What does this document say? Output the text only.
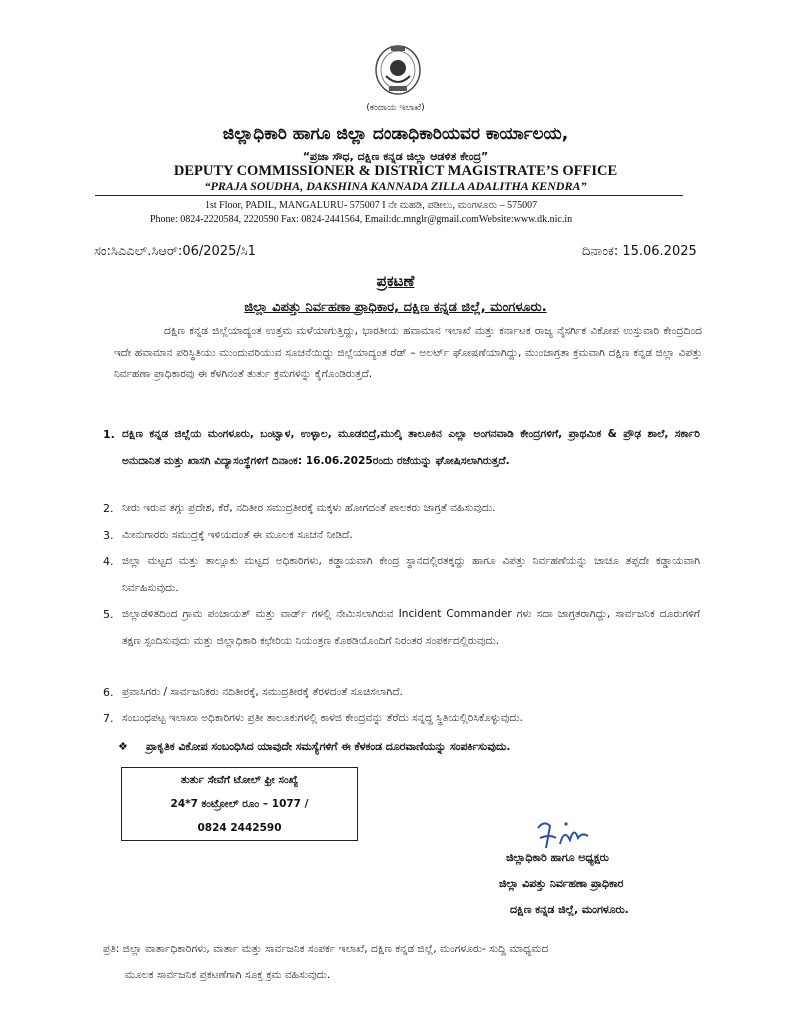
(ಕಂದಾಯ ಇಲಾಖೆ)
ಜಿಲ್ಲಾಧಿಕಾರಿ ಹಾಗೂ ಜಿಲ್ಲಾ ದಂಡಾಧಿಕಾರಿಯವರ ಕಾರ್ಯಾಲಯ,
“ಪ್ರಜಾ ಸೌಧ, ದಕ್ಷಿಣ ಕನ್ನಡ ಜಿಲ್ಲಾ ಆಡಳಿತ ಕೇಂದ್ರ”
DEPUTY COMMISSIONER & DISTRICT MAGISTRATE’S OFFICE
“PRAJA SOUDHA, DAKSHINA KANNADA ZILLA ADALITHA KENDRA”
1st Floor, PADIL, MANGALURU- 575007 I ನೇ ಮಹಡಿ, ಪಡೀಲು, ಮಂಗಳೂರು – 575007
Phone: 0824-2220584, 2220590 Fax: 0824-2441564, Email:dc.mnglr@gmail.comWebsite:www.dk.nic.in
ಸಂ:ಸಿಎಎಲ್.ಸಿಆರ್:06/2025/ಸಿ1	ದಿನಾಂಕ: 15.06.2025
ಪ್ರಕಟಣೆ
ಜಿಲ್ಲಾ ವಿಪತ್ತು ನಿರ್ವಹಣಾ ಪ್ರಾಧಿಕಾರ, ದಕ್ಷಿಣ ಕನ್ನಡ ಜಿಲ್ಲೆ, ಮಂಗಳೂರು.
ದಕ್ಷಿಣ ಕನ್ನಡ ಜಿಲ್ಲೆಯಾದ್ಯಂತ ಉತ್ತಮ ಮಳೆಯಾಗುತ್ತಿದ್ದು, ಭಾರತೀಯ ಹವಾಮಾನ ಇಲಾಖೆ ಮತ್ತು ಕರ್ನಾಟಕ ರಾಜ್ಯ ನೈಸರ್ಗಿಕ ವಿಕೋಪ ಉಸ್ತುವಾರಿ ಕೇಂದ್ರದಿಂದ ಇದೇ ಹವಾಮಾನ ಪರಿಸ್ಥಿತಿಯು ಮುಂದುವರಿಯುವ ಸೂಚನೆಯಿದ್ದು ಜಿಲ್ಲೆಯಾದ್ಯಂತ ರೆಡ್ – ಅಲರ್ಟ್ ಘೋಷಣೆಯಾಗಿದ್ದು, ಮುಂಜಾಗ್ರತಾ ಕ್ರಮವಾಗಿ ದಕ್ಷಿಣ ಕನ್ನಡ ಜಿಲ್ಲಾ ವಿಪತ್ತು ನಿರ್ವಹಣಾ ಪ್ರಾಧಿಕಾರವು ಈ ಕೆಳಗಿನಂತೆ ತುರ್ತು ಕ್ರಮಗಳನ್ನು ಕೈಗೊಂಡಿರುತ್ತದೆ.
1. ದಕ್ಷಿಣ ಕನ್ನಡ ಜಿಲ್ಲೆಯ ಮಂಗಳೂರು, ಬಂಟ್ವಾಳ, ಉಳ್ಳಾಲ, ಮೂಡಬಿದ್ರೆ,ಮುಲ್ಕಿ ತಾಲೂಕಿನ ಎಲ್ಲಾ ಅಂಗನವಾಡಿ ಕೇಂದ್ರಗಳಿಗೆ, ಪ್ರಾಥಮಿಕ & ಪ್ರೌಢ ಶಾಲೆ, ಸರ್ಕಾರಿ ಅನುದಾನಿತ ಮತ್ತು ಖಾಸಗಿ ವಿದ್ಯಾಸಂಸ್ಥೆಗಳಿಗೆ ದಿನಾಂಕ: 16.06.2025ರಂದು ರಜೆಯನ್ನು ಘೋಷಿಸಲಾಗಿರುತ್ತದೆ.
2. ನೀರು ಇರುವ ತಗ್ಗು ಪ್ರದೇಶ, ಕೆರೆ, ನದಿತೀರ ಸಮುದ್ರತೀರಕ್ಕೆ ಮಕ್ಕಳು ಹೋಗದಂತೆ ಪಾಲಕರು ಜಾಗ್ರತೆ ವಹಿಸುವುದು.
3. ಮೀನುಗಾರರು ಸಮುದ್ರಕ್ಕೆ ಇಳಿಯದಂತೆ ಈ ಮೂಲಕ ಸೂಚನೆ ನೀಡಿದೆ.
4. ಜಿಲ್ಲಾ ಮಟ್ಟದ ಮತ್ತು ತಾಲ್ಲೂಕು ಮಟ್ಟದ ಅಧಿಕಾರಿಗಳು, ಕಡ್ಡಾಯವಾಗಿ ಕೇಂದ್ರ ಸ್ಥಾನದಲ್ಲಿರತಕ್ಕದ್ದು ಹಾಗೂ ವಿಪತ್ತು ನಿರ್ವಹಣೆಯನ್ನು ಚಾಚೂ ತಪ್ಪದೇ ಕಡ್ಡಾಯವಾಗಿ ನಿರ್ವಹಿಸುವುದು.
5. ಜಿಲ್ಲಾಡಳಿತದಿಂದ ಗ್ರಾಮ ಪಂಚಾಯತ್ ಮತ್ತು ವಾರ್ಡ್ ಗಳಲ್ಲಿ ನೇಮಿಸಲಾಗಿರುವ Incident Commander ಗಳು ಸದಾ ಜಾಗ್ರತರಾಗಿದ್ದು, ಸಾರ್ವಜನಿಕ ದೂರುಗಳಿಗೆ ತಕ್ಷಣ ಸ್ಪಂದಿಸುವುದು ಮತ್ತು ಜಿಲ್ಲಾಧಿಕಾರಿ ಕಛೇರಿಯ ನಿಯಂತ್ರಣ ಕೊಠಡಿಯೊಂದಿಗೆ ನಿರಂತರ ಸಂಪರ್ಕದಲ್ಲಿರುವುದು.
6. ಪ್ರವಾಸಿಗರು / ಸಾರ್ವಜನಿಕರು ನದಿತೀರಕ್ಕೆ, ಸಮುದ್ರತೀರಕ್ಕೆ ತೆರಳದಂತೆ ಸೂಚಿಸಲಾಗಿದೆ.
7. ಸಂಬಂಧಪಟ್ಟ ಇಲಾಖಾ ಅಧಿಕಾರಿಗಳು ಪ್ರತೀ ತಾಲೂಕುಗಳಲ್ಲಿ ಕಾಳಜಿ ಕೇಂದ್ರವನ್ನು ತೆರೆದು ಸನ್ನದ್ಧ ಸ್ಥಿತಿಯಲ್ಲಿರಿಸಿಕೊಳ್ಳುವುದು.
❖ ಪ್ರಾಕೃತಿಕ ವಿಕೋಪ ಸಂಬಂಧಿಸಿದ ಯಾವುದೇ ಸಮಸ್ಯೆಗಳಿಗೆ ಈ ಕೆಳಕಂಡ ದೂರವಾಣಿಯನ್ನು ಸಂಪರ್ಕಿಸುವುದು.
ತುರ್ತು ಸೇವೆಗೆ ಟೋಲ್ ಫ್ರೀ ಸಂಖ್ಯೆ
24*7 ಕಂಟ್ರೋಲ್ ರೂಂ – 1077 /
0824 2442590
ಜಿಲ್ಲಾಧಿಕಾರಿ ಹಾಗೂ ಅಧ್ಯಕ್ಷರು
ಜಿಲ್ಲಾ ವಿಪತ್ತು ನಿರ್ವಹಣಾ ಪ್ರಾಧಿಕಾರ
ದಕ್ಷಿಣ ಕನ್ನಡ ಜಿಲ್ಲೆ, ಮಂಗಳೂರು.
ಪ್ರತಿ: ಜಿಲ್ಲಾ ವಾರ್ತಾಧಿಕಾರಿಗಳು, ವಾರ್ತಾ ಮತ್ತು ಸಾರ್ವಜನಿಕ ಸಂಪರ್ಕ ಇಲಾಖೆ, ದಕ್ಷಿಣ ಕನ್ನಡ ಜಿಲ್ಲೆ, ಮಂಗಳೂರು- ಸುದ್ದಿ ಮಾಧ್ಯಮದ
ಮೂಲಕ ಸಾರ್ವಜನಿಕ ಪ್ರಕಟಣೆಗಾಗಿ ಸೂಕ್ತ ಕ್ರಮ ವಹಿಸುವುದು.
